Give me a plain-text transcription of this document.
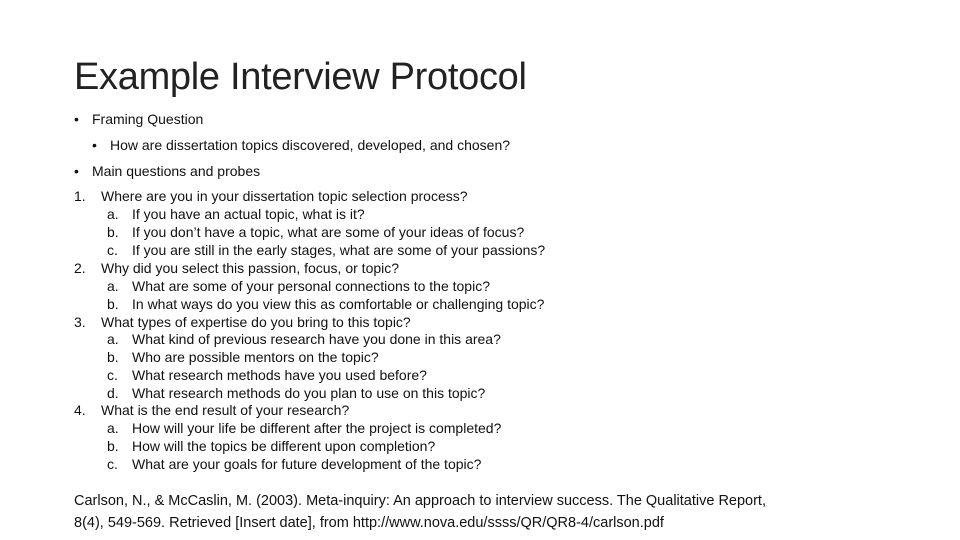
Example Interview Protocol
• Framing Question
• How are dissertation topics discovered, developed, and chosen?
• Main questions and probes
1. Where are you in your dissertation topic selection process?
a. If you have an actual topic, what is it?
b. If you don’t have a topic, what are some of your ideas of focus?
c. If you are still in the early stages, what are some of your passions?
2. Why did you select this passion, focus, or topic?
a. What are some of your personal connections to the topic?
b. In what ways do you view this as comfortable or challenging topic?
3. What types of expertise do you bring to this topic?
a. What kind of previous research have you done in this area?
b. Who are possible mentors on the topic?
c. What research methods have you used before?
d. What research methods do you plan to use on this topic?
4. What is the end result of your research?
a. How will your life be different after the project is completed?
b. How will the topics be different upon completion?
c. What are your goals for future development of the topic?
Carlson, N., & McCaslin, M. (2003). Meta-inquiry: An approach to interview success. The Qualitative Report,
8(4), 549-569. Retrieved [Insert date], from http://www.nova.edu/ssss/QR/QR8-4/carlson.pdf
